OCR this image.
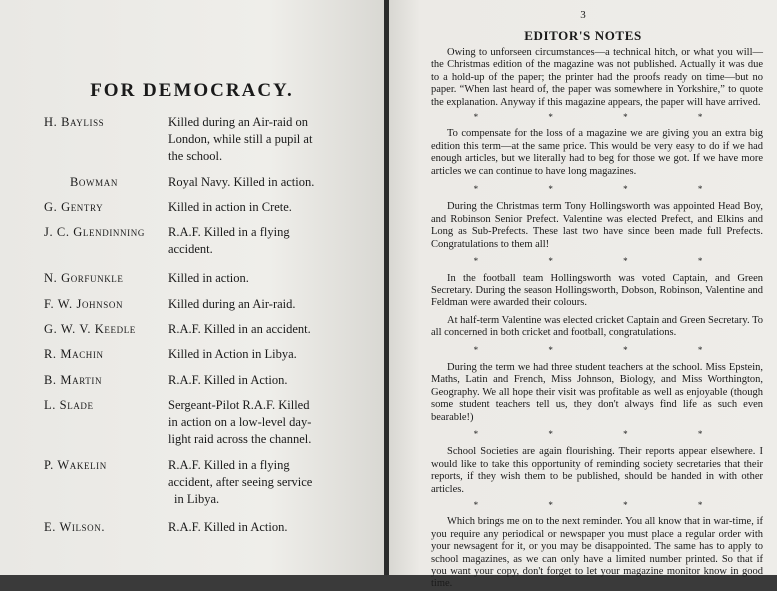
FOR DEMOCRACY.
H. Bayliss	Killed during an Air-raid on
London, while still a pupil at
the school.
Bowman	Royal Navy. Killed in action.
G. Gentry	Killed in action in Crete.
J. C. Glendinning	R.A.F. Killed in a flying
accident.
N. Gorfunkle	Killed in action.
F. W. Johnson	Killed during an Air-raid.
G. W. V. Keedle	R.A.F. Killed in an accident.
R. Machin	Killed in Action in Libya.
B. Martin	R.A.F. Killed in Action.
L. Slade	Sergeant-Pilot R.A.F. Killed
in action on a low-level day-
light raid across the channel.
P. Wakelin	R.A.F. Killed in a flying
accident, after seeing service
in Libya.
E. Wilson.	R.A.F. Killed in Action.
3
EDITOR'S NOTES

Owing to unforseen circumstances—a technical hitch, or what you will—the Christmas edition of the magazine was not published. Actually it was due to a hold-up of the paper; the printer had the proofs ready on time—but no paper. “When last heard of, the paper was somewhere in Yorkshire,” to quote the explanation. Anyway if this magazine appears, the paper will have arrived.

* * * *

To compensate for the loss of a magazine we are giving you an extra big edition this term—at the same price. This would be very easy to do if we had enough articles, but we literally had to beg for those we got. If we have more articles we can continue to have long magazines.

* * * *

During the Christmas term Tony Hollingsworth was appointed Head Boy, and Robinson Senior Prefect. Valentine was elected Prefect, and Elkins and Long as Sub-Prefects. These last two have since been made full Prefects. Congratulations to them all!

* * * *

In the football team Hollingsworth was voted Captain, and Green Secretary. During the season Hollingsworth, Dobson, Robinson, Valentine and Feldman were awarded their colours.

At half-term Valentine was elected cricket Captain and Green Secretary. To all concerned in both cricket and football, congratulations.

* * * *

During the term we had three student teachers at the school. Miss Epstein, Maths, Latin and French, Miss Johnson, Biology, and Miss Worthington, Geography. We all hope their visit was profitable as well as enjoyable (though some student teachers tell us, they don't always find life as such even bearable!)

* * * *

School Societies are again flourishing. Their reports appear elsewhere. I would like to take this opportunity of reminding society secretaries that their reports, if they wish them to be published, should be handed in with other articles.

* * * *

Which brings me on to the next reminder. You all know that in war-time, if you require any periodical or newspaper you must place a regular order with your newsagent for it, or you may be disappointed. The same has to apply to school magazines, as we can only have a limited number printed. So that if you want your copy, don't forget to let your magazine monitor know in good time.
